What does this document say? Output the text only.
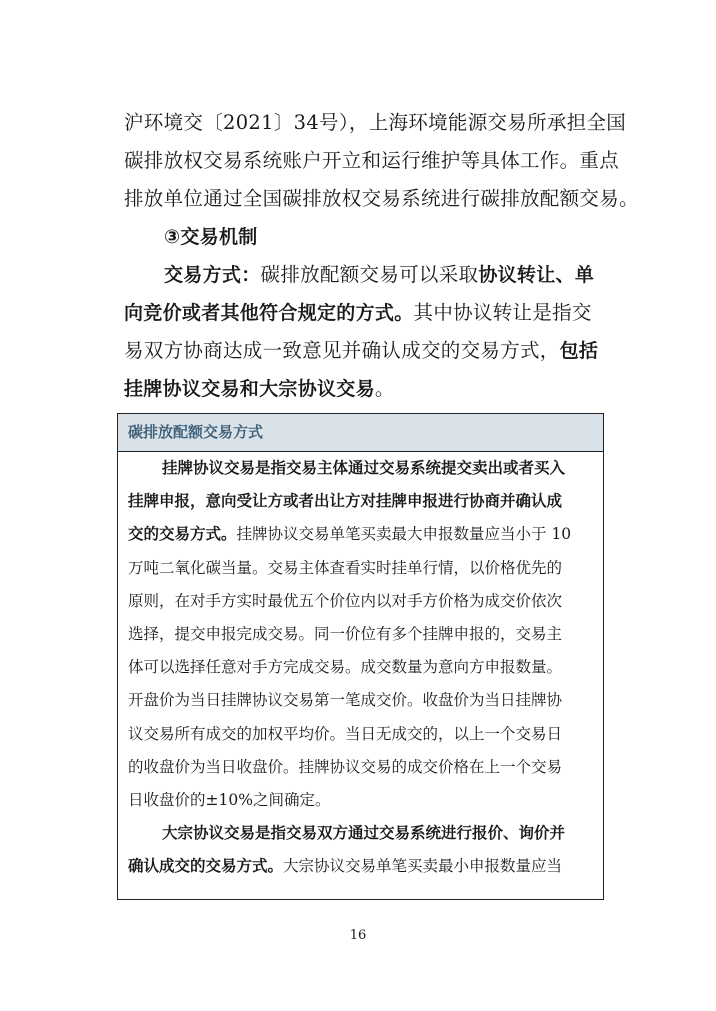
沪环境交〔2021〕34号），上海环境能源交易所承担全国
碳排放权交易系统账户开立和运行维护等具体工作。重点
排放单位通过全国碳排放权交易系统进行碳排放配额交易。
③交易机制
交易方式：碳排放配额交易可以采取协议转让、单
向竞价或者其他符合规定的方式。其中协议转让是指交
易双方协商达成一致意见并确认成交的交易方式，包括
挂牌协议交易和大宗协议交易。
碳排放配额交易方式
挂牌协议交易是指交易主体通过交易系统提交卖出或者买入
挂牌申报，意向受让方或者出让方对挂牌申报进行协商并确认成
交的交易方式。挂牌协议交易单笔买卖最大申报数量应当小于 10
万吨二氧化碳当量。交易主体查看实时挂单行情，以价格优先的
原则，在对手方实时最优五个价位内以对手方价格为成交价依次
选择，提交申报完成交易。同一价位有多个挂牌申报的，交易主
体可以选择任意对手方完成交易。成交数量为意向方申报数量。
开盘价为当日挂牌协议交易第一笔成交价。收盘价为当日挂牌协
议交易所有成交的加权平均价。当日无成交的，以上一个交易日
的收盘价为当日收盘价。挂牌协议交易的成交价格在上一个交易
日收盘价的±10%之间确定。
大宗协议交易是指交易双方通过交易系统进行报价、询价并
确认成交的交易方式。大宗协议交易单笔买卖最小申报数量应当
16
